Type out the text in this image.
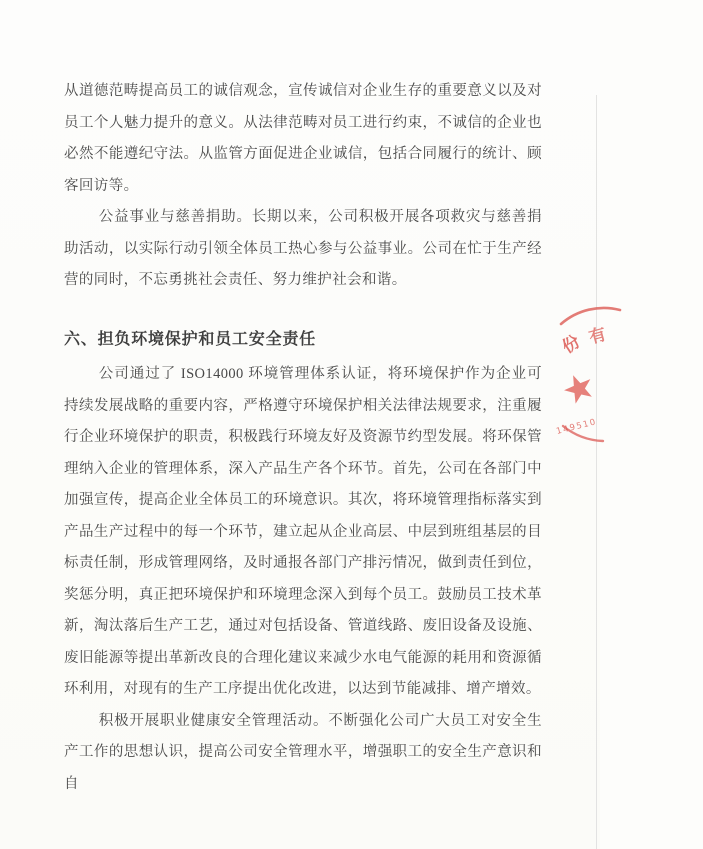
从道德范畴提高员工的诚信观念，宣传诚信对企业生存的重要意义以及对员工个人魅力提升的意义。从法律范畴对员工进行约束，不诚信的企业也必然不能遵纪守法。从监管方面促进企业诚信，包括合同履行的统计、顾客回访等。

公益事业与慈善捐助。长期以来，公司积极开展各项救灾与慈善捐助活动，以实际行动引领全体员工热心参与公益事业。公司在忙于生产经营的同时，不忘勇挑社会责任、努力维护社会和谐。

六、担负环境保护和员工安全责任

公司通过了 ISO14000 环境管理体系认证，将环境保护作为企业可持续发展战略的重要内容，严格遵守环境保护相关法律法规要求，注重履行企业环境保护的职责，积极践行环境友好及资源节约型发展。将环保管理纳入企业的管理体系，深入产品生产各个环节。首先，公司在各部门中加强宣传，提高企业全体员工的环境意识。其次，将环境管理指标落实到产品生产过程中的每一个环节，建立起从企业高层、中层到班组基层的目标责任制，形成管理网络，及时通报各部门产排污情况，做到责任到位，奖惩分明，真正把环境保护和环境理念深入到每个员工。鼓励员工技术革新，淘汰落后生产工艺，通过对包括设备、管道线路、废旧设备及设施、废旧能源等提出革新改良的合理化建议来减少水电气能源的耗用和资源循环利用，对现有的生产工序提出优化改进，以达到节能减排、增产增效。

积极开展职业健康安全管理活动。不断强化公司广大员工对安全生产工作的思想认识，提高公司安全管理水平，增强职工的安全生产意识和自

份 有
149510
